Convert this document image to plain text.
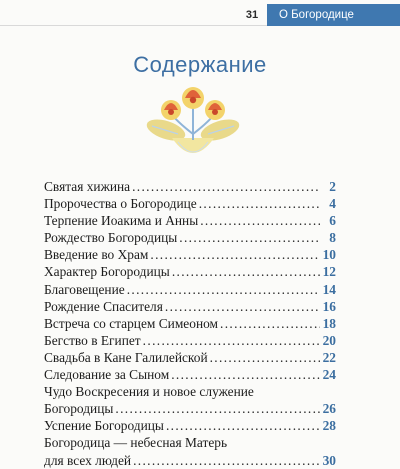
31	О Богородице
Содержание
Святая хижина . . .	2
Пророчества о Богородице . . .	4
Терпение Иоакима и Анны . . .	6
Рождество Богородицы . . .	8
Введение во Храм . . .	10
Характер Богородицы . . .	12
Благовещение . . .	14
Рождение Спасителя . . .	16
Встреча со старцем Симеоном . . .	18
Бегство в Египет . . .	20
Свадьба в Кане Галилейской . . .	22
Следование за Сыном . . .	24
Чудо Воскресения и новое служение
Богородицы . . .	26
Успение Богородицы . . .	28
Богородица — небесная Матерь
для всех людей . . .	30
